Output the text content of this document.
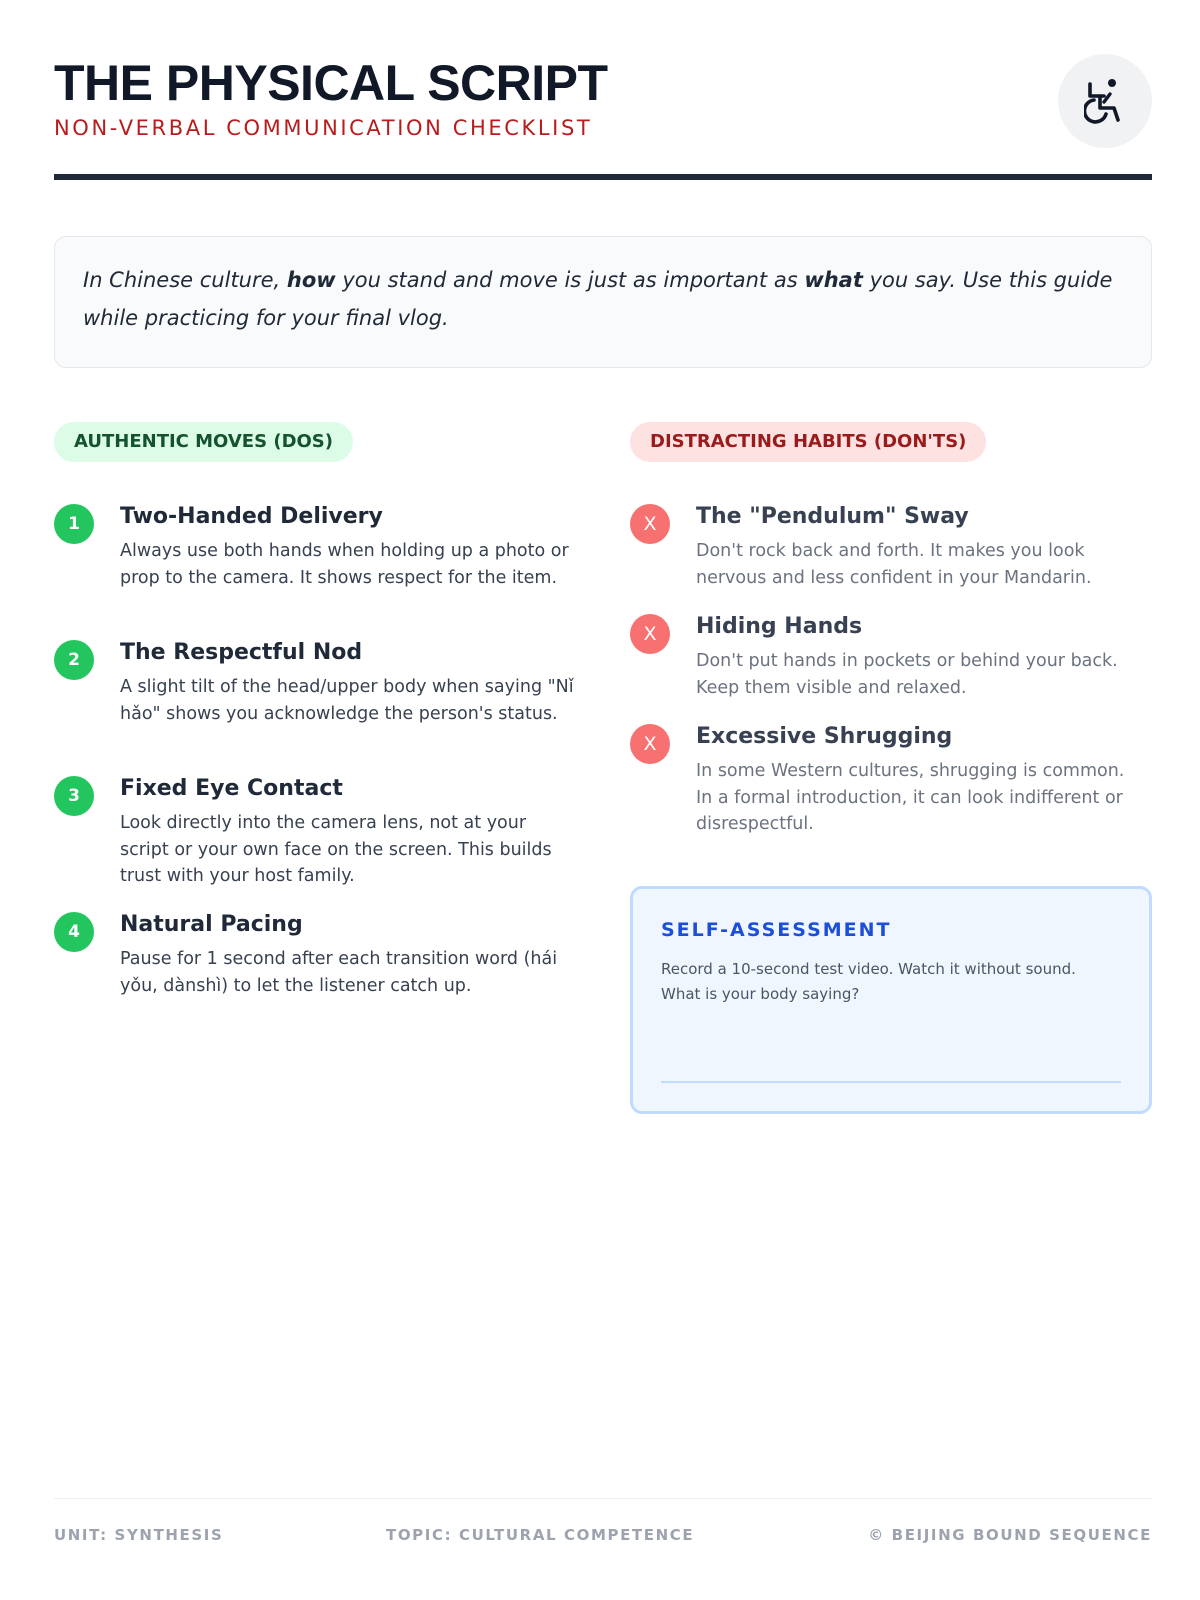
THE PHYSICAL SCRIPT
NON-VERBAL COMMUNICATION CHECKLIST
In Chinese culture, how you stand and move is just as important as what you say. Use this guide while practicing for your final vlog.
AUTHENTIC MOVES (DOS)
1	Two-Handed Delivery
Always use both hands when holding up a photo or prop to the camera. It shows respect for the item.
2	The Respectful Nod
A slight tilt of the head/upper body when saying "Nǐ hǎo" shows you acknowledge the person's status.
3	Fixed Eye Contact
Look directly into the camera lens, not at your script or your own face on the screen. This builds trust with your host family.
4	Natural Pacing
Pause for 1 second after each transition word (hái yǒu, dànshì) to let the listener catch up.
DISTRACTING HABITS (DON'TS)
X	The "Pendulum" Sway
Don't rock back and forth. It makes you look nervous and less confident in your Mandarin.
X	Hiding Hands
Don't put hands in pockets or behind your back. Keep them visible and relaxed.
X	Excessive Shrugging
In some Western cultures, shrugging is common. In a formal introduction, it can look indifferent or disrespectful.
SELF-ASSESSMENT
Record a 10-second test video. Watch it without sound. What is your body saying?
UNIT: SYNTHESIS	TOPIC: CULTURAL COMPETENCE	© BEIJING BOUND SEQUENCE
